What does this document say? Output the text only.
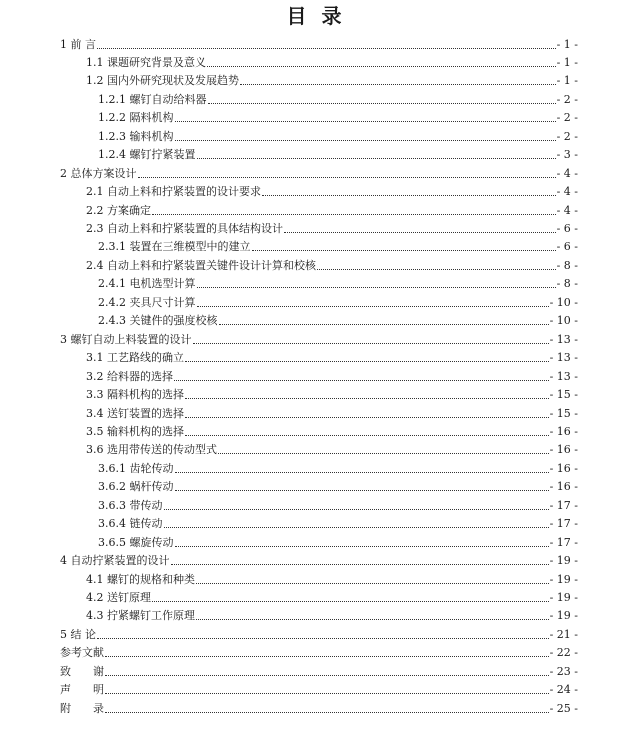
目 录
1 前 言	- 1 -
1.1 课题研究背景及意义	- 1 -
1.2 国内外研究现状及发展趋势	- 1 -
1.2.1 螺钉自动给料器	- 2 -
1.2.2 隔料机构	- 2 -
1.2.3 输料机构	- 2 -
1.2.4 螺钉拧紧装置	- 3 -
2 总体方案设计	- 4 -
2.1 自动上料和拧紧装置的设计要求	- 4 -
2.2 方案确定	- 4 -
2.3 自动上料和拧紧装置的具体结构设计	- 6 -
2.3.1 装置在三维模型中的建立	- 6 -
2.4 自动上料和拧紧装置关键件设计计算和校核	- 8 -
2.4.1 电机选型计算	- 8 -
2.4.2 夹具尺寸计算	- 10 -
2.4.3 关键件的强度校核	- 10 -
3 螺钉自动上料装置的设计	- 13 -
3.1 工艺路线的确立	- 13 -
3.2 给料器的选择	- 13 -
3.3 隔料机构的选择	- 15 -
3.4 送钉装置的选择	- 15 -
3.5 输料机构的选择	- 16 -
3.6 选用带传送的传动型式	- 16 -
3.6.1 齿轮传动	- 16 -
3.6.2 蜗杆传动	- 16 -
3.6.3 带传动	- 17 -
3.6.4 链传动	- 17 -
3.6.5 螺旋传动	- 17 -
4 自动拧紧装置的设计	- 19 -
4.1 螺钉的规格和种类	- 19 -
4.2 送钉原理	- 19 -
4.3 拧紧螺钉工作原理	- 19 -
5 结 论	- 21 -
参考文献	- 22 -
致　　谢	- 23 -
声　　明	- 24 -
附　　录	- 25 -
